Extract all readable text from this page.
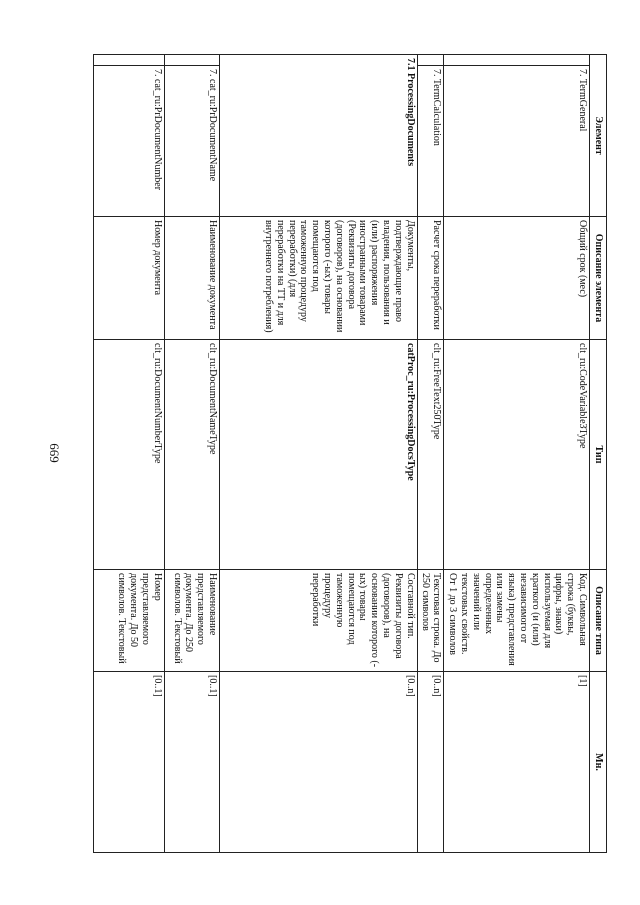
669
Элемент	Описание элемента	Тип	Описание типа	Мн.

7. TermGeneral	Общий срок (мес)	clt_ru:CodeVariable3Type	Код. Символьная строка (буквы, цифры, знаки) используемая для краткого (и (или) независимого от языка) представления или замены определенных значений или текстовых свойств. От 1 до 3 символов	[1]

7. TermCalculation	Расчет срока переработки	clt_ru:FreeText250Type	Текстовая строка. До 250 символов	[0..n]
7.1 ProcessingDocuments	Документы, подтверждающие право владения, пользования и (или) распоряжения иностранными товарами (Реквизиты договора (договоров), на основании которого (-ых) товары помещаются под таможенную процедуру переработки) (для переработки на ТТ и для внутреннего потребления)	catProc_ru:ProcessingDocsType	Составной тип. Реквизиты договора (договоров), на основании которого (-ых) товары помещаются под таможенную процедуру переработки	[0..n]

7. cat_ru:PrDocumentName	Наименование документа	clt_ru:DocumentNameType	Наименование представляемого документа. До 250 символов. Текстовый	[0..1]

7. cat_ru:PrDocumentNumber	Номер документа	clt_ru:DocumentNumberType	Номер представляемого документа. До 50 символов. Текстовый	[0..1]
